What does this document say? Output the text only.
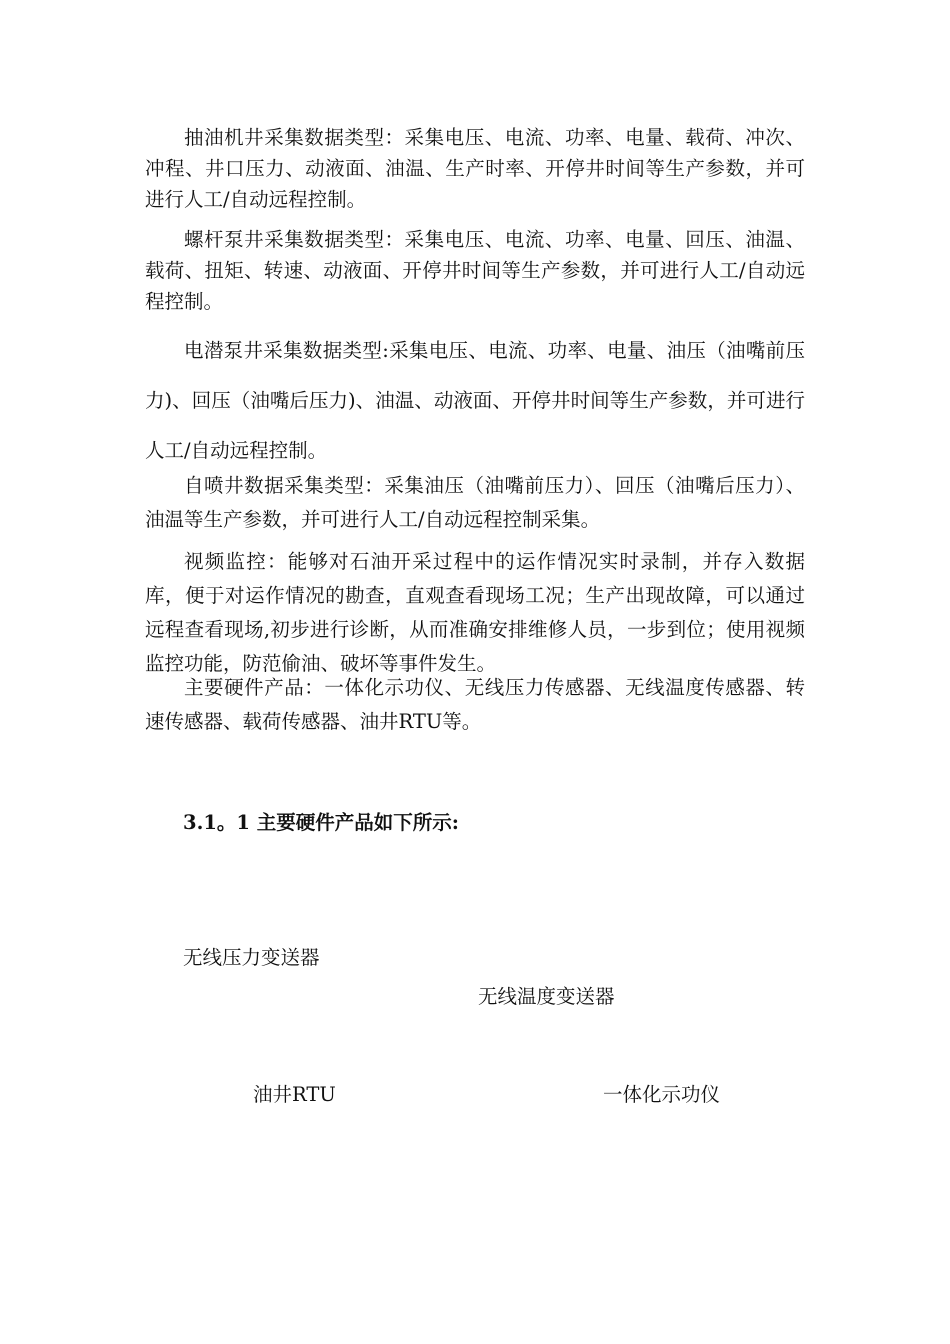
抽油机井采集数据类型：采集电压、电流、功率、电量、载荷、冲次、冲程、井口压力、动液面、油温、生产时率、开停井时间等生产参数，并可进行人工/自动远程控制。

螺杆泵井采集数据类型：采集电压、电流、功率、电量、回压、油温、载荷、扭矩、转速、动液面、开停井时间等生产参数，并可进行人工/自动远程控制。

电潜泵井采集数据类型:采集电压、电流、功率、电量、油压（油嘴前压力)、回压（油嘴后压力)、油温、动液面、开停井时间等生产参数，并可进行人工/自动远程控制。

自喷井数据采集类型：采集油压（油嘴前压力）、回压（油嘴后压力）、油温等生产参数，并可进行人工/自动远程控制采集。

视频监控：能够对石油开采过程中的运作情况实时录制，并存入数据库，便于对运作情况的勘查，直观查看现场工况；生产出现故障，可以通过远程查看现场,初步进行诊断，从而准确安排维修人员，一步到位；使用视频监控功能，防范偷油、破坏等事件发生。

主要硬件产品：一体化示功仪、无线压力传感器、无线温度传感器、转速传感器、载荷传感器、油井RTU等。

3.1。1 主要硬件产品如下所示:

无线压力变送器

无线温度变送器

油井RTU	一体化示功仪
